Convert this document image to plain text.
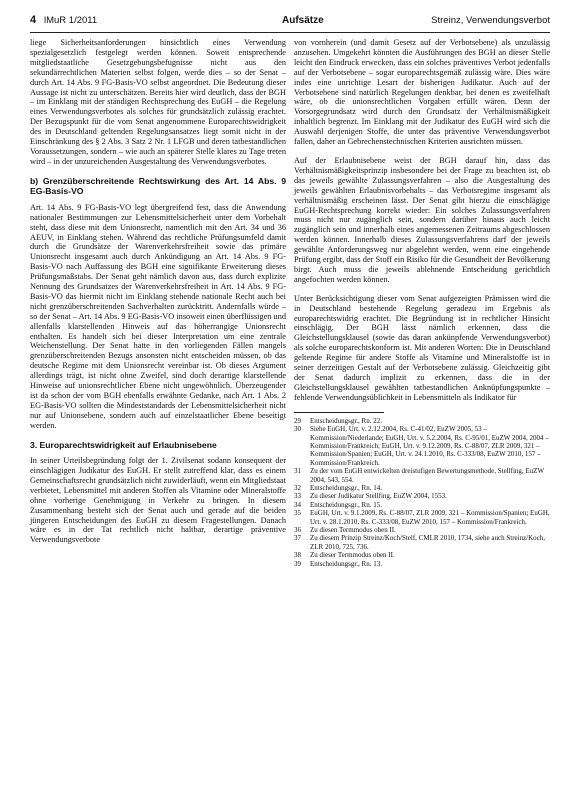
4 lMuR 1/2011	Aufsätze	Streinz, Verwendungsverbot

liege Sicherheitsanforderungen hinsichtlich eines Verwendung spezialgesetzlich festgelegt werden können. Soweit entsprechende mitgliedstaatliche Gesetzgebungsbefugnisse nicht aus den sekundärrechtlichen Materien selbst folgen, werde dies – so der Senat – durch Art. 14 Abs. 9 FG-Basis-VO selbst angeordnet. Die Bedeutung dieser Aussage ist nicht zu unterschätzen. Bereits hier wird deutlich, dass der BGH – im Einklang mit der ständigen Rechtsprechung des EuGH – die Regelung eines Verwendungsverbotes als solches für grundsätzlich zulässig erachtet. Der Bezugspunkt für die vom Senat angenommene Europarechtswidrigkeit des in Deutschland geltenden Regelungsansatzes liegt somit nicht in der Einschränkung des § 2 Abs. 3 Satz 2 Nr. 1 LFGB und deren tatbestandlichen Voraussetzungen, sondern – wie auch an späterer Stelle klares zu Tage treten wird – in der unzureichenden Ausgestaltung des Verwendungsverbotes.

b) Grenzüberschreitende Rechtswirkung des Art. 14 Abs. 9 EG-Basis-VO

Art. 14 Abs. 9 FG-Basis-VO legt übergreifend fest, dass die Anwendung nationaler Bestimmungen zur Lebensmittelsicherheit unter dem Vorbehalt steht, dass diese mit dem Unionsrecht, namentlich mit den Art. 34 und 36 AEUV, in Einklang stehen. Während das rechtliche Prüfungsumfeld damit durch die Grundsätze der Warenverkehrsfreiheit sowie das primäre Unionsrecht insgesamt auch durch Ankündigung an Art. 14 Abs. 9 FG-Basis-VO nach Auffassung des BGH eine signifikante Erweiterung dieses Prüfungsmaßstabs. Der Senat geht nämlich davon aus, dass durch explizite Nennung des Grundsatzes der Warenverkehrsfreiheit in Art. 14 Abs. 9 FG-Basis-VO das hiermit nicht im Einklang stehende nationale Recht auch bei nicht grenzüberschreitenden Sachverhalten zurücktritt. Andernfalls würde – so der Senat – Art. 14 Abs. 9 EG-Basis-VO insoweit einen überflüssigen und allenfalls klarstellenden Hinweis auf das höherrangige Unionsrecht enthalten. Es handelt sich bei dieser Interpretation um eine zentrale Weichenstellung. Der Senat hatte in den vorliegenden Fällen mangels grenzüberschreitenden Bezugs ansonsten nicht entscheiden müssen, ob das deutsche Regime mit dem Unionsrecht vereinbar ist. Ob dieses Argument allerdings trägt, ist nicht ohne Zweifel, sind doch derartige klarstellende Hinweise auf unionsrechtlicher Ebene nicht ungewöhnlich. Überzeugender ist da schon der vom BGH ebenfalls erwähnte Gedanke, nach Art. 1 Abs. 2 EG-Basis-VO sollten die Mindeststandards der Lebensmittelsicherheit nicht nur auf Unionsebene, sondern auch auf einzelstaatlicher Ebene beseitigt werden.

3. Europarechtswidrigkeit auf Erlaubnisebene

In seiner Urteilsbegründung folgt der 1. Zivilsenat sodann konsequent der einschlägigen Judikatur des EuGH. Er stellt zutreffend klar, dass es einem Gemeinschaftsrecht grundsätzlich nicht zuwiderläuft, wenn ein Mitgliedstaat verbietet, Lebensmittel mit anderen Stoffen als Vitamine oder Mineralstoffe ohne vorherige Genehmigung in Verkehr zu bringen. In diesem Zusammenhang besteht sich der Senat auch und gerade auf die beiden jüngeren Entscheidungen des EuGH zu diesem Fragestellungen. Danach wäre es in der Tat rechtlich nicht haltbar, derartige präventive Verwendungsverbote

von vornherein (und damit Gesetz auf der Verbotsebene) als unzulässig anzusehen. Umgekehrt könnten die Ausführungen des BGH an dieser Stelle leicht den Eindruck erwecken, dass ein solches präventives Verbot jedenfalls auf der Verbotsebene – sogar europarechtsgemäß zulässig wäre. Dies wäre indes eine unrichtige Lesart der bisherigen Judikatur. Auch auf der Verbotsebene sind natürlich Regelungen denkbar, bei denen es zweifelhaft wäre, ob die unionsrechtlichen Vorgaben erfüllt wären. Denn der Vorsorgegrundsatz wird durch den Grundsatz der Verhältnismäßigkeit inhaltlich begrenzt. Im Einklang mit der Judikatur des EuGH wird sich die Auswahl derjenigen Stoffe, die unter das präventive Verwendungsverbot fallen, daher an Gebrechenstechnischen Kriterien ausrichten müssen.

Auf der Erlaubnisebene weist der BGH darauf hin, dass das Verhältnismäßigkeitsprinzip insbesondere bei der Frage zu beachten ist, ob das jeweils gewählte Zulassungsverfahren – also die Ausgestaltung des jeweils gewählten Erlaubnisvorbehalts – das Verbotsregime insgesamt als verhältnismäßig erscheinen lässt. Der Senat gibt hierzu die einschlägige EuGH-Rechtsprechung korrekt wieder: Ein solches Zulassungsverfahren muss nicht nur zugänglich sein, sondern darüber hinaus auch leicht zugänglich sein und innerhalb eines angemessenen Zeitraums abgeschlossen werden können. Innerhalb dieses Zulassungsverfahrens darf der jeweils gewählte Anforderungsweg nur abgelehnt werden, wenn eine eingehende Prüfung ergibt, dass der Stoff ein Risiko für die Gesundheit der Bevölkerung birgt. Auch muss die jeweils ablehnende Entscheidung gerichtlich angefochten werden können.

Unter Berücksichtigung dieser vom Senat aufgezeigten Prämissen wird die in Deutschland bestehende Regelung geradezu im Ergebnis als europarechtswidrig erachtet. Die Begründung ist in rechtlicher Hinsicht einschlägig. Der BGH lässt nämlich erkennen, dass die Gleichstellungsklausel (sowie das daran ankünpfende Verwendungsverbot) als solche europarechtskonform ist. Mit anderen Worten: Die in Deutschland geltende Regime für andere Stoffe als Vitamine und Mineralstoffe ist in seiner derzeitigen Gestalt auf der Verbotsebene zulässig. Gleichzeitig gibt der Senat dadurch implizit zu erkennen, dass die in der Gleichstellungsklausel gewählten tatbestandlichen Anknüpfungspunkte – fehlende Verwendungsüblichkeit in Lebensmitteln als Indikator für

29	Entscheidungsgr., Rn. 22.
30	Siehe EuGH, Urt. v. 2.12.2004, Rs. C-41/02, EuZW 2005, 53 – Kommission/Niederlande; EuGH, Urt. v. 5.2.2004, Rs. C-95/01, EuZW 2004, 2004 – Kommission/Frankreich; EuGH, Urt. v. 9.12.2009, Rs. C-88/07, ZLR 2009, 321 – Kommission/Spanien; EuGH, Urt. v. 24.1.2010, Rs. C-333/08, EuZW 2010, 157 – Kommission/Frankreich.
31	Zu der vom EuGH entwickelten dreistufigen Bewertungsmethode, Stellfing, EuZW 2004, 543, 554.
32	Entscheidungsgr., Rn. 14.
33	Zu dieser Judikatur Stellfing, EuZW 2004, 1553.
34	Entscheidungsgr., Rn. 15.
35	EuGH, Urt. v. 9.1.2009, Rs. C-88/07, ZLR 2009, 321 – Kommission/Spanien; EuGH, Urt. v. 28.1.2010, Rs. C-333/08, EuZW 2010, 157 – Kommission/Frankreich.
36	Zu diesen Termmodus oben II.
37	Zu diesem Prinzip Streinz/Koch/Stelf, CMLR 2010, 1734, siehe auch Streinz/Koch, ZLR 2010, 725, 736.
38	Zu dieser Termmodus oben II.
39	Entscheidungsgr., Rn. 13.
